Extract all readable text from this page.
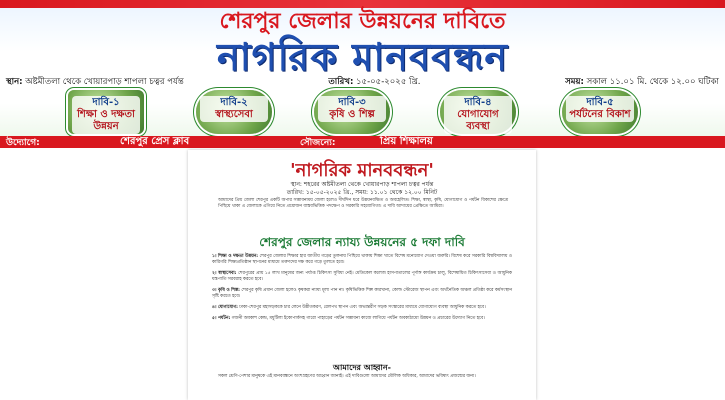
শেরপুর জেলার উন্নয়নের দাবিতে
নাগরিক মানববন্ধন
স্থান: অষ্টমীতলা থেকে খোয়ারপাড় শাপলা চত্বর পর্যন্ত	তারিখ: ১৫-০৫-২০২৫ খ্রি.	সময়: সকাল ১১.০১ মি. থেকে ১২.০০ ঘটিকা
দাবি-১
শিক্ষা ও দক্ষতা উন্নয়ন
দাবি-২
স্বাস্থ্যসেবা
দাবি-৩
কৃষি ও শিল্প
দাবি-৪
যোগাযোগ ব্যবস্থা
দাবি-৫
পর্যটনের বিকাশ
উদ্যোগে:	শেরপুর প্রেস ক্লাব	সৌজন্যে:	প্রিয় শিক্ষালয়
'নাগরিক মানববন্ধন'
স্থান: শহরের অষ্টমীতলা থেকে খোয়ারপাড় শাপলা চত্বর পর্যন্ত
তারিখ: ১৫-০৫-২০২৫ খ্রি., সময়: ১১.০১ থেকে ১২.০০ মিনিট
আমাদের প্রিয় জেলা শেরপুর একটি অপার সম্ভাবনাময় জেলা হলেও দীর্ঘদিন ধরে উন্নয়নবঞ্চিত ও অবহেলিত। শিক্ষা, স্বাস্থ্য, কৃষি, যোগাযোগ ও পর্যটন বিকাশের ক্ষেত্রে পিছিয়ে থাকা এ জেলাকে এগিয়ে নিতে প্রয়োজন বাস্তবভিত্তিক পদক্ষেপ ও সরকারি সহযোগিতা। এ দাবি আদায়ের প্রেক্ষিতে আমিরা।
শেরপুর জেলার ন্যায্য উন্নয়নের ৫ দফা দাবি
১। শিক্ষা ও দক্ষতা উন্নয়ন: শেরপুর জেলার শিক্ষার হার জাতীয় গড়ের তুলনায় পিছিয়ে থাকায় শিক্ষা খাতে বিশেষ মনোযোগ দেওয়া জরুরি। বিশেষ করে সরকারি বিশ্ববিদ্যালয় ও কারিগরি শিক্ষাপ্রতিষ্ঠান স্থাপনের মাধ্যমে তরুণদের দক্ষ করে গড়ে তুলতে হবে।
২। স্বাস্থ্যসেবা: শেরপুরের প্রায় ১৫ লাখ মানুষের জন্য পর্যাপ্ত চিকিৎসা সুবিধা নেই। মেডিকেল কলেজ হাসপাতালের পূর্ণাঙ্গ কার্যক্রম চালু, বিশেষায়িত চিকিৎসাসেবা ও আধুনিক যন্ত্রপাতি সরবরাহ করতে হবে।
৩। কৃষি ও শিল্প: শেরপুর কৃষি প্রধান জেলা হলেও কৃষকরা ন্যায্য মূল্য পান না। কৃষিভিত্তিক শিল্প কারখানা, কোল্ড স্টোরেজ স্থাপন এবং অর্থনৈতিক অঞ্চল প্রতিষ্ঠা করে কর্মসংস্থান সৃষ্টি করতে হবে।
৪। যোগাযোগ: ঢাকা-শেরপুর মহাসড়ককে চার লেনে উন্নীতকরণ, রেলপথ স্থাপন এবং অভ্যন্তরীণ সড়ক সংস্কারের মাধ্যমে যোগাযোগ ব্যবস্থা আধুনিক করতে হবে।
৫। পর্যটন: গজনী অবকাশ কেন্দ্র, মধুটিলা ইকোপার্কসহ গারো পাহাড়ের পর্যটন সম্ভাবনা কাজে লাগিয়ে পর্যটন অবকাঠামো উন্নয়ন ও প্রচারের উদ্যোগ নিতে হবে।
আমাদের আহ্বান-
সকল শ্রেণি-পেশার মানুষকে এই মানববন্ধনে অংশগ্রহণের আহ্বান জানাই। এই দাবিগুলো আমাদের মৌলিক অধিকার, আমাদের ভবিষ্যৎ প্রজন্মের জন্য।
